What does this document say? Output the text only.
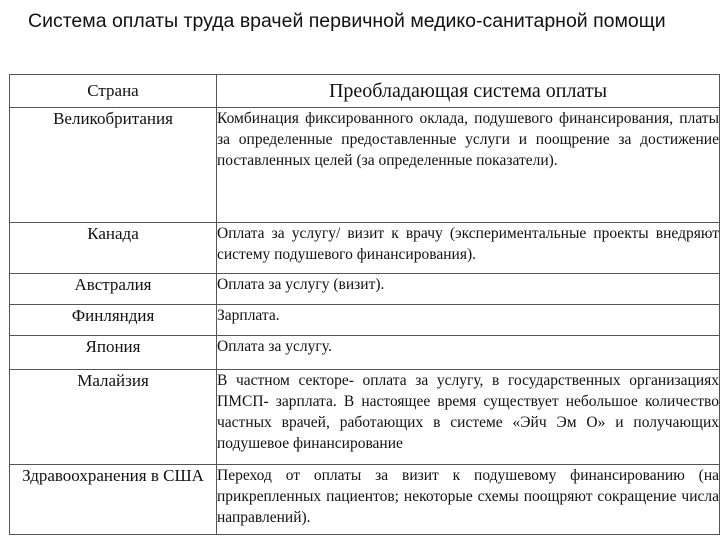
Система оплаты труда врачей первичной медико-санитарной помощи
Страна	Преобладающая система оплаты
Великобритания	Комбинация фиксированного оклада, подушевого финансирования, платы за определенные предоставленные услуги и поощрение за достижение поставленных целей (за определенные показатели).
Канада	Оплата за услугу/ визит к врачу (экспериментальные проекты внедряют систему подушевого финансирования).
Австралия	Оплата за услугу (визит).
Финляндия	Зарплата.
Япония	Оплата за услугу.
Малайзия	В частном секторе- оплата за услугу, в государственных организациях ПМСП- зарплата. В настоящее время существует небольшое количество частных врачей, работающих в системе «Эйч Эм О» и получающих подушевое финансирование
Здравоохранения в США	Переход от оплаты за визит к подушевому финансированию (на прикрепленных пациентов; некоторые схемы поощряют сокращение числа направлений).
